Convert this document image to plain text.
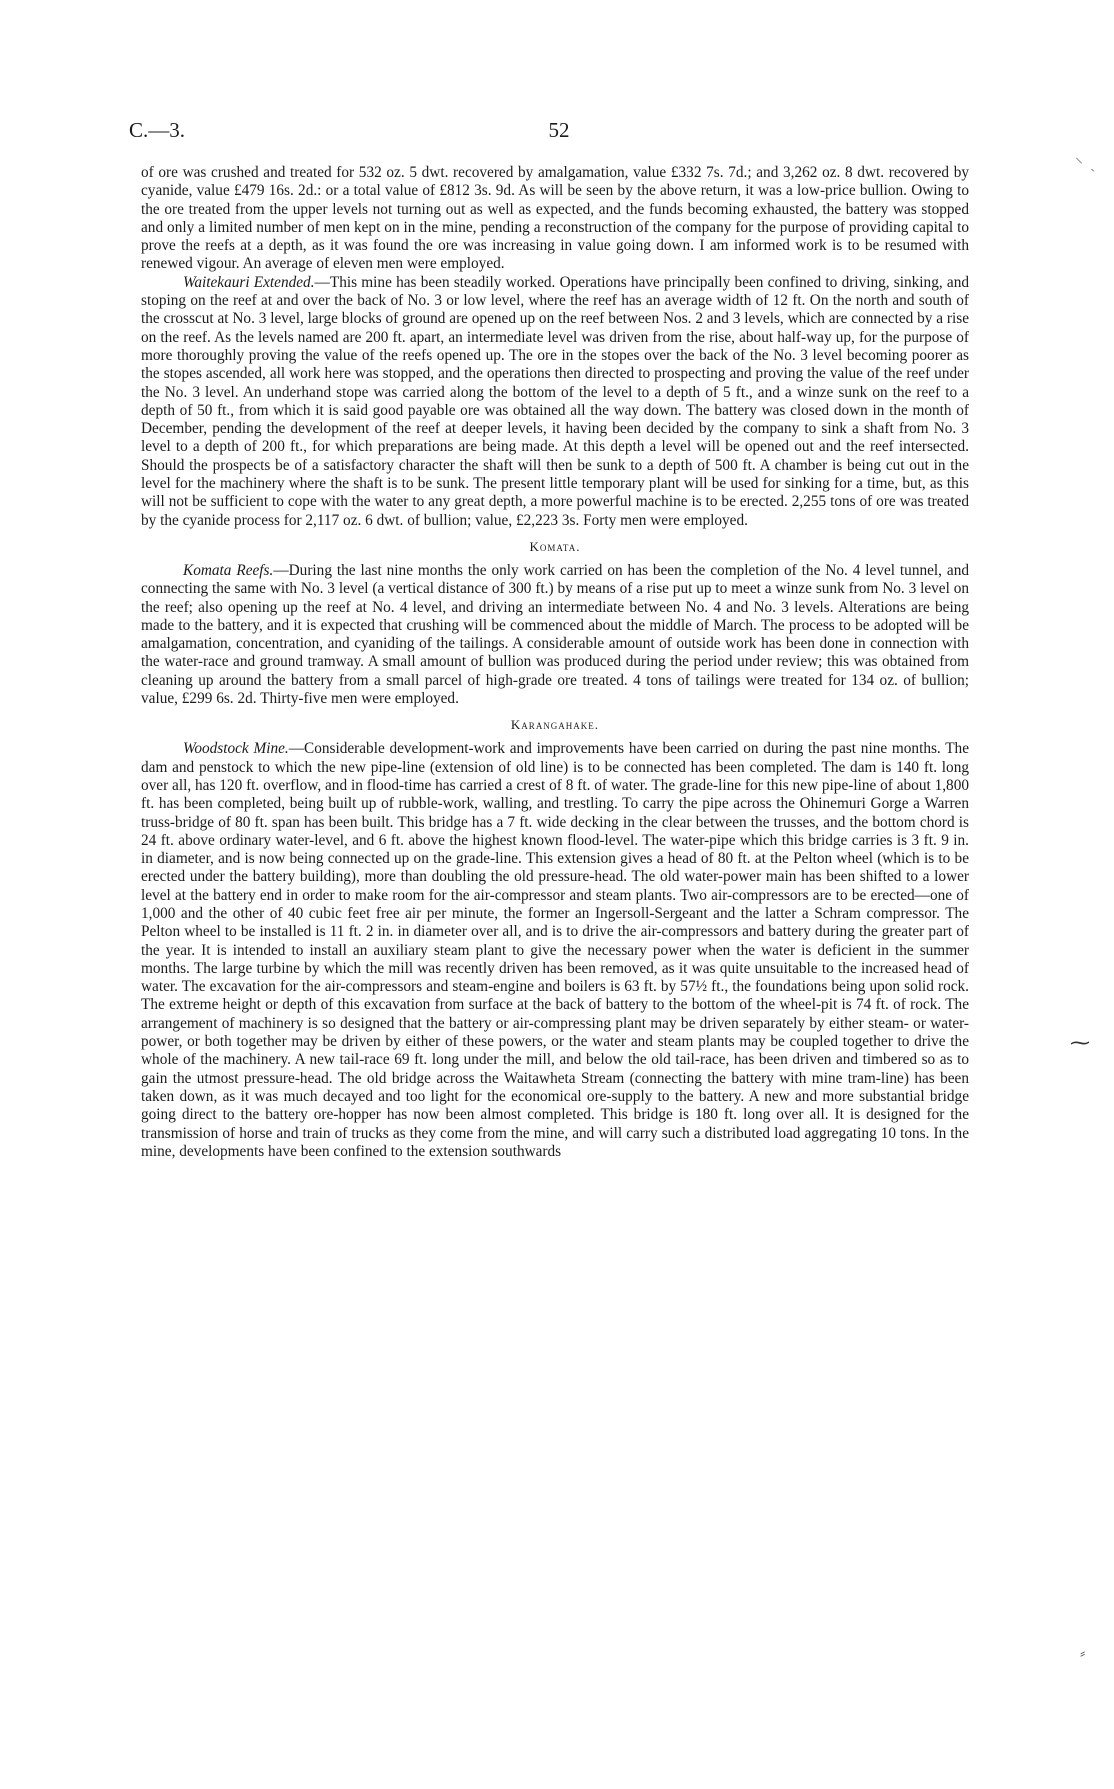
C.—3.	52

of ore was crushed and treated for 532 oz. 5 dwt. recovered by amalgamation, value £332 7s. 7d.; and 3,262 oz. 8 dwt. recovered by cyanide, value £479 16s. 2d.: or a total value of £812 3s. 9d. As will be seen by the above return, it was a low-price bullion. Owing to the ore treated from the upper levels not turning out as well as expected, and the funds becoming exhausted, the battery was stopped and only a limited number of men kept on in the mine, pending a reconstruction of the company for the purpose of providing capital to prove the reefs at a depth, as it was found the ore was increasing in value going down. I am informed work is to be resumed with renewed vigour. An average of eleven men were employed.

Waitekauri Extended.—This mine has been steadily worked. Operations have principally been confined to driving, sinking, and stoping on the reef at and over the back of No. 3 or low level, where the reef has an average width of 12 ft. On the north and south of the crosscut at No. 3 level, large blocks of ground are opened up on the reef between Nos. 2 and 3 levels, which are connected by a rise on the reef. As the levels named are 200 ft. apart, an intermediate level was driven from the rise, about half-way up, for the purpose of more thoroughly proving the value of the reefs opened up. The ore in the stopes over the back of the No. 3 level becoming poorer as the stopes ascended, all work here was stopped, and the operations then directed to prospecting and proving the value of the reef under the No. 3 level. An underhand stope was carried along the bottom of the level to a depth of 5 ft., and a winze sunk on the reef to a depth of 50 ft., from which it is said good payable ore was obtained all the way down. The battery was closed down in the month of December, pending the development of the reef at deeper levels, it having been decided by the company to sink a shaft from No. 3 level to a depth of 200 ft., for which preparations are being made. At this depth a level will be opened out and the reef intersected. Should the prospects be of a satisfactory character the shaft will then be sunk to a depth of 500 ft. A chamber is being cut out in the level for the machinery where the shaft is to be sunk. The present little temporary plant will be used for sinking for a time, but, as this will not be sufficient to cope with the water to any great depth, a more powerful machine is to be erected. 2,255 tons of ore was treated by the cyanide process for 2,117 oz. 6 dwt. of bullion; value, £2,223 3s. Forty men were employed.

Komata.

Komata Reefs.—During the last nine months the only work carried on has been the completion of the No. 4 level tunnel, and connecting the same with No. 3 level (a vertical distance of 300 ft.) by means of a rise put up to meet a winze sunk from No. 3 level on the reef; also opening up the reef at No. 4 level, and driving an intermediate between No. 4 and No. 3 levels. Alterations are being made to the battery, and it is expected that crushing will be commenced about the middle of March. The process to be adopted will be amalgamation, concentration, and cyaniding of the tailings. A considerable amount of outside work has been done in connection with the water-race and ground tramway. A small amount of bullion was produced during the period under review; this was obtained from cleaning up around the battery from a small parcel of high-grade ore treated. 4 tons of tailings were treated for 134 oz. of bullion; value, £299 6s. 2d. Thirty-five men were employed.

Karangahake.

Woodstock Mine.—Considerable development-work and improvements have been carried on during the past nine months. The dam and penstock to which the new pipe-line (extension of old line) is to be connected has been completed. The dam is 140 ft. long over all, has 120 ft. overflow, and in flood-time has carried a crest of 8 ft. of water. The grade-line for this new pipe-line of about 1,800 ft. has been completed, being built up of rubble-work, walling, and trestling. To carry the pipe across the Ohinemuri Gorge a Warren truss-bridge of 80 ft. span has been built. This bridge has a 7 ft. wide decking in the clear between the trusses, and the bottom chord is 24 ft. above ordinary water-level, and 6 ft. above the highest known flood-level. The water-pipe which this bridge carries is 3 ft. 9 in. in diameter, and is now being connected up on the grade-line. This extension gives a head of 80 ft. at the Pelton wheel (which is to be erected under the battery building), more than doubling the old pressure-head. The old water-power main has been shifted to a lower level at the battery end in order to make room for the air-compressor and steam plants. Two air-compressors are to be erected—one of 1,000 and the other of 40 cubic feet free air per minute, the former an Ingersoll-Sergeant and the latter a Schram compressor. The Pelton wheel to be installed is 11 ft. 2 in. in diameter over all, and is to drive the air-compressors and battery during the greater part of the year. It is intended to install an auxiliary steam plant to give the necessary power when the water is deficient in the summer months. The large turbine by which the mill was recently driven has been removed, as it was quite unsuitable to the increased head of water. The excavation for the air-compressors and steam-engine and boilers is 63 ft. by 57½ ft., the foundations being upon solid rock. The extreme height or depth of this excavation from surface at the back of battery to the bottom of the wheel-pit is 74 ft. of rock. The arrangement of machinery is so designed that the battery or air-compressing plant may be driven separately by either steam- or water-power, or both together may be driven by either of these powers, or the water and steam plants may be coupled together to drive the whole of the machinery. A new tail-race 69 ft. long under the mill, and below the old tail-race, has been driven and timbered so as to gain the utmost pressure-head. The old bridge across the Waitawheta Stream (connecting the battery with mine tram-line) has been taken down, as it was much decayed and too light for the economical ore-supply to the battery. A new and more substantial bridge going direct to the battery ore-hopper has now been almost completed. This bridge is 180 ft. long over all. It is designed for the transmission of horse and train of trucks as they come from the mine, and will carry such a distributed load aggregating 10 tons. In the mine, developments have been confined to the extension southwards

⸌ ˴
⁓
⸗
